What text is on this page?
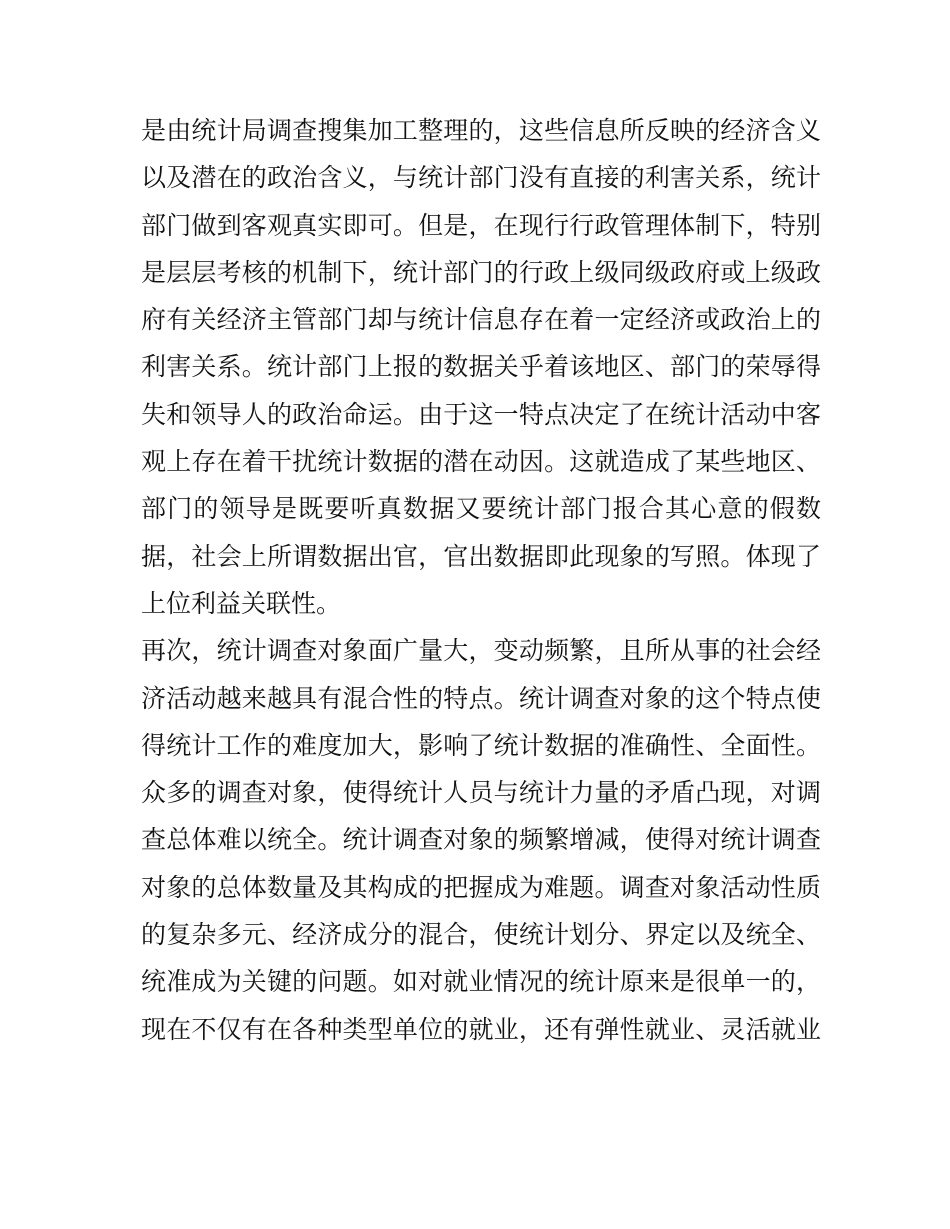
是由统计局调查搜集加工整理的，这些信息所反映的经济含义
以及潜在的政治含义，与统计部门没有直接的利害关系，统计
部门做到客观真实即可。但是，在现行行政管理体制下，特别
是层层考核的机制下，统计部门的行政上级同级政府或上级政
府有关经济主管部门却与统计信息存在着一定经济或政治上的
利害关系。统计部门上报的数据关乎着该地区、部门的荣辱得
失和领导人的政治命运。由于这一特点决定了在统计活动中客
观上存在着干扰统计数据的潜在动因。这就造成了某些地区、
部门的领导是既要听真数据又要统计部门报合其心意的假数
据，社会上所谓数据出官，官出数据即此现象的写照。体现了
上位利益关联性。
再次，统计调查对象面广量大，变动频繁，且所从事的社会经
济活动越来越具有混合性的特点。统计调查对象的这个特点使
得统计工作的难度加大，影响了统计数据的准确性、全面性。
众多的调查对象，使得统计人员与统计力量的矛盾凸现，对调
查总体难以统全。统计调查对象的频繁增减，使得对统计调查
对象的总体数量及其构成的把握成为难题。调查对象活动性质
的复杂多元、经济成分的混合，使统计划分、界定以及统全、
统准成为关键的问题。如对就业情况的统计原来是很单一的，
现在不仅有在各种类型单位的就业，还有弹性就业、灵活就业
